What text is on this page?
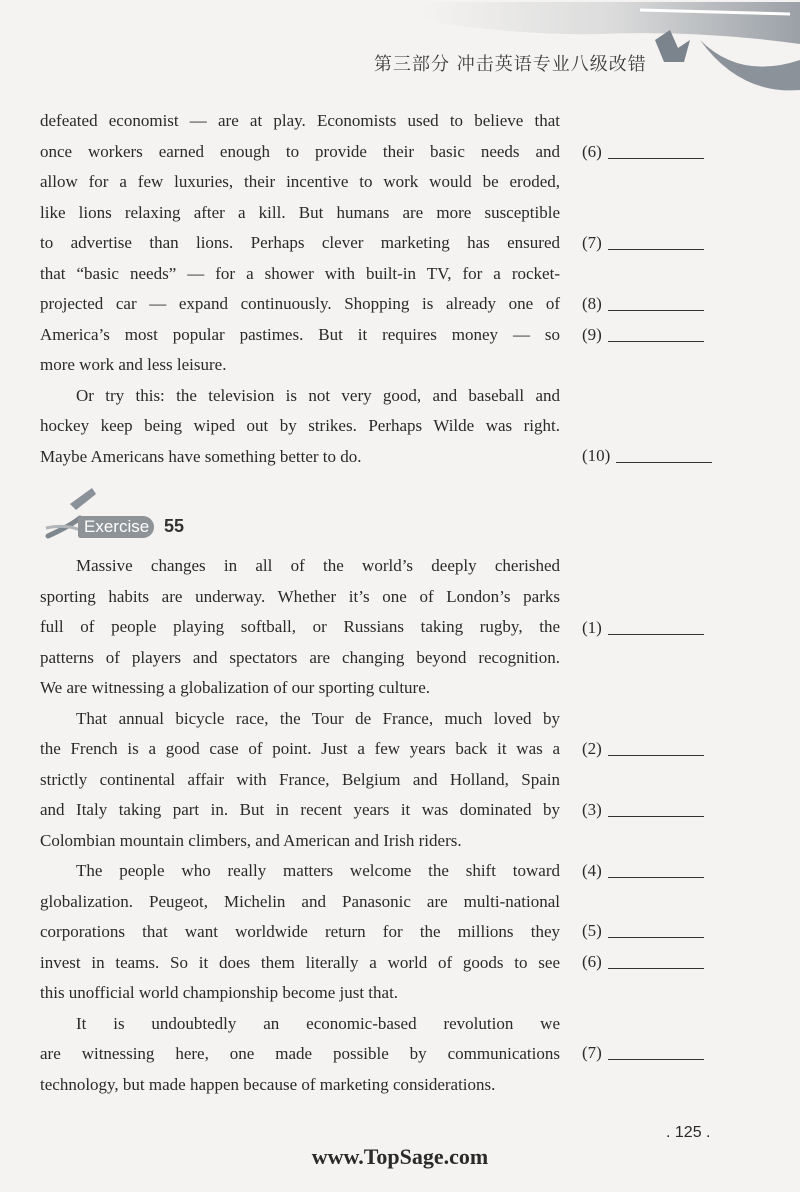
第三部分 冲击英语专业八级改错
defeated economist — are at play. Economists used to believe that
once workers earned enough to provide their basic needs and
allow for a few luxuries, their incentive to work would be eroded,
like lions relaxing after a kill. But humans are more susceptible
to advertise than lions. Perhaps clever marketing has ensured
that “basic needs” — for a shower with built-in TV, for a rocket-
projected car — expand continuously. Shopping is already one of
America’s most popular pastimes. But it requires money — so
more work and less leisure.
Or try this: the television is not very good, and baseball and
hockey keep being wiped out by strikes. Perhaps Wilde was right.
Maybe Americans have something better to do.
(6)
(7)
(8)
(9)
(10)
Exercise 55
Massive changes in all of the world’s deeply cherished
sporting habits are underway. Whether it’s one of London’s parks
full of people playing softball, or Russians taking rugby, the
patterns of players and spectators are changing beyond recognition.
We are witnessing a globalization of our sporting culture.
That annual bicycle race, the Tour de France, much loved by
the French is a good case of point. Just a few years back it was a
strictly continental affair with France, Belgium and Holland, Spain
and Italy taking part in. But in recent years it was dominated by
Colombian mountain climbers, and American and Irish riders.
The people who really matters welcome the shift toward
globalization. Peugeot, Michelin and Panasonic are multi-national
corporations that want worldwide return for the millions they
invest in teams. So it does them literally a world of goods to see
this unofficial world championship become just that.
It is undoubtedly an economic-based revolution we
are witnessing here, one made possible by communications
technology, but made happen because of marketing considerations.
(1)
(2)
(3)
(4)
(5)
(6)
(7)
. 125 .
www.TopSage.com
